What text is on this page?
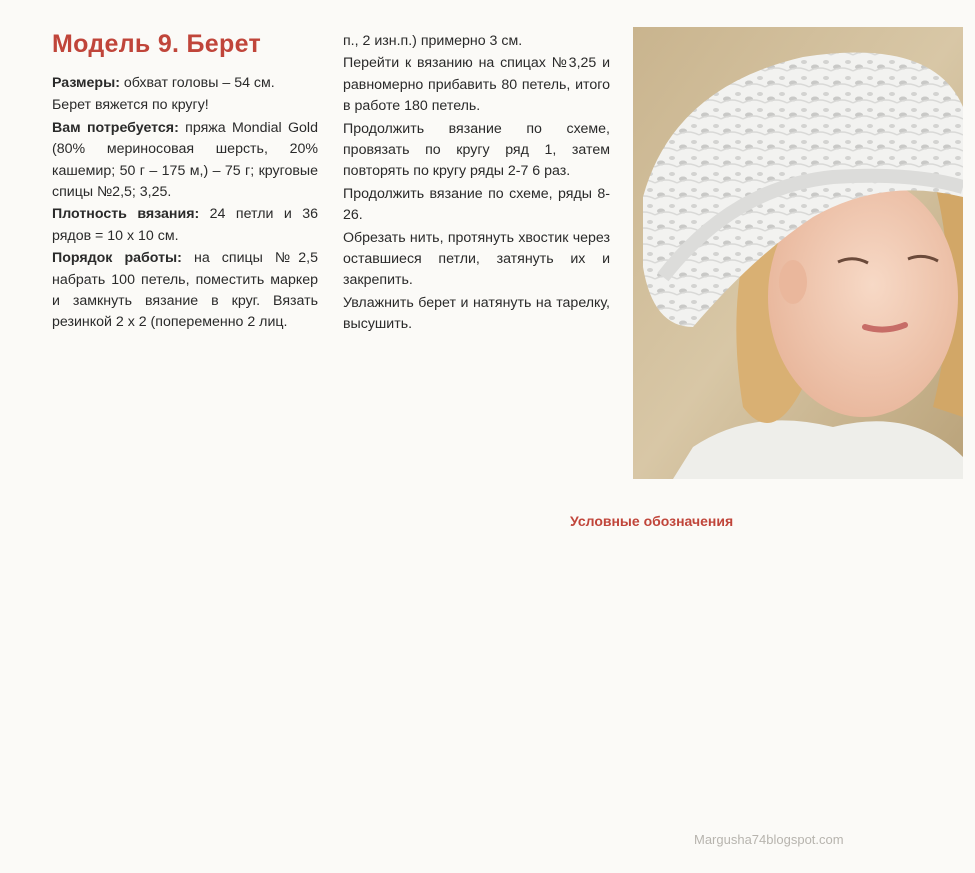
Модель 9. Берет

Размеры: обхват головы – 54 см.

Берет вяжется по кругу!

Вам потребуется: пряжа Mondial Gold (80% мериносовая шерсть, 20% кашемир; 50 г – 175 м,) – 75 г; круговые спицы №2,5; 3,25.

Плотность вязания: 24 петли и 36 рядов = 10 х 10 см.

Порядок работы: на спицы №2,5 набрать 100 петель, поместить маркер и замкнуть вязание в круг. Вязать резинкой 2 х 2 (попеременно 2 лиц.

п., 2 изн.п.) примерно 3 см.

Перейти к вязанию на спицах №3,25 и равномерно прибавить 80 петель, итого в работе 180 петель.

Продолжить вязание по схеме, провязать по кругу ряд 1, затем повторять по кругу ряды 2-7 6 раз.

Продолжить вязание по схеме, ряды 8-26.

Обрезать нить, протянуть хвостик через оставшиеся петли, затянуть их и закрепить.

Увлажнить берет и натянуть на тарелку, высушить.

Условные обозначения
Margusha74blogspot.com
